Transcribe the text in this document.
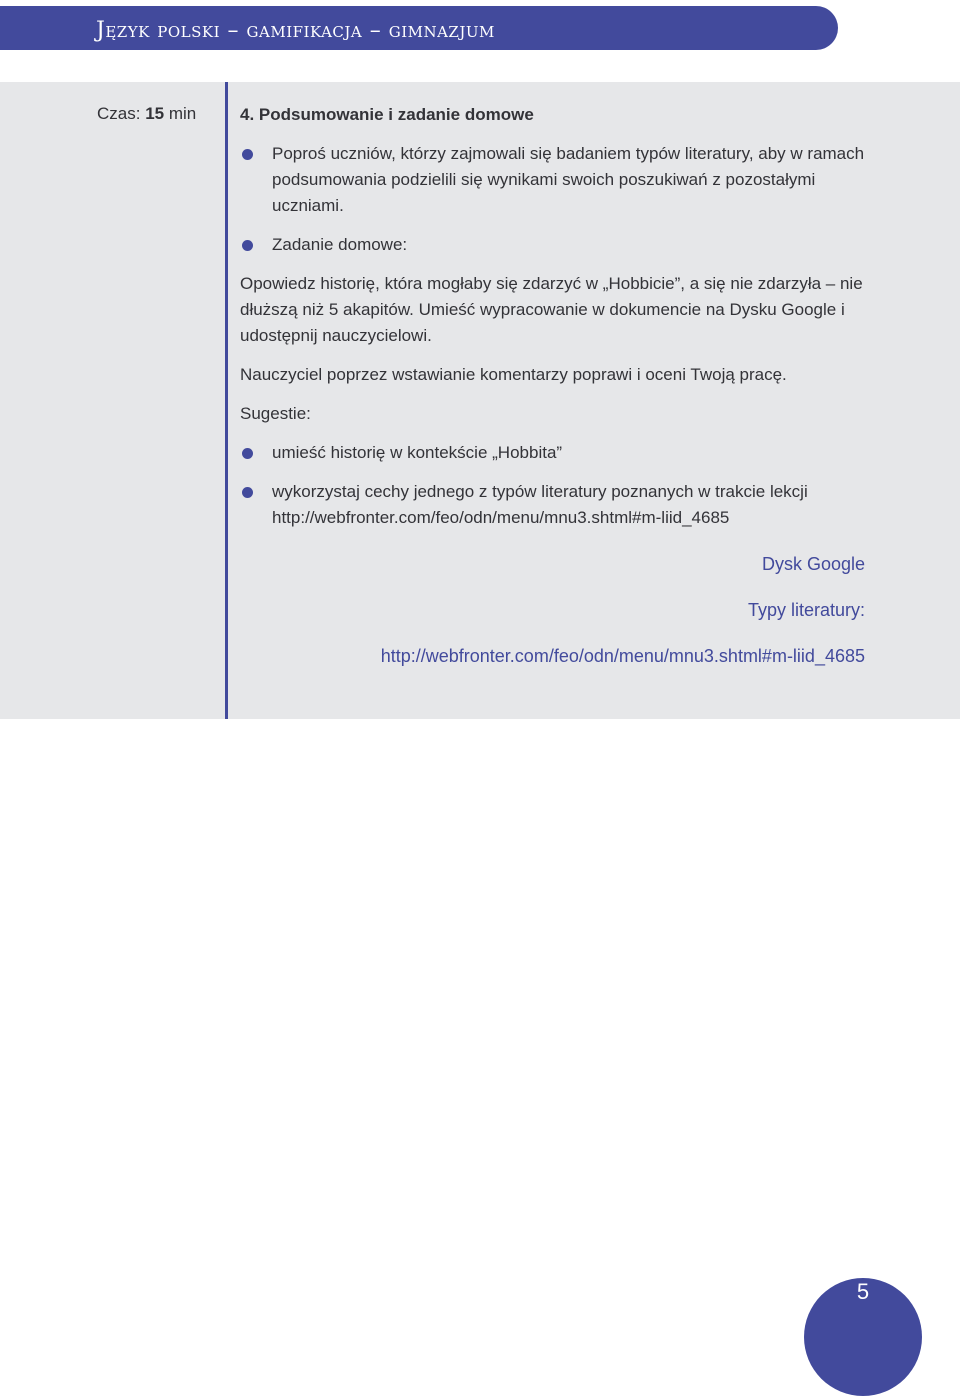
Język polski – gamifikacja – gimnazjum
Czas: 15 min	4. Podsumowanie i zadanie domowe

Poproś uczniów, którzy zajmowali się badaniem typów literatury, aby w ramach podsumowania podzielili się wynikami swoich poszukiwań z pozostałymi uczniami.
Zadanie domowe:
Opowiedz historię, która mogłaby się zdarzyć w „Hobbicie”, a się nie zdarzyła – nie dłuższą niż 5 akapitów. Umieść wypracowanie w dokumencie na Dysku Google i udostępnij nauczycielowi.
Nauczyciel poprzez wstawianie komentarzy poprawi i oceni Twoją pracę.
Sugestie:
umieść historię w kontekście „Hobbita”
wykorzystaj cechy jednego z typów literatury poznanych w trakcie lekcji http://webfronter.com/feo/odn/menu/mnu3.shtml#m-liid_4685
Dysk Google
Typy literatury:
http://webfronter.com/feo/odn/menu/mnu3.shtml#m-liid_4685
5
